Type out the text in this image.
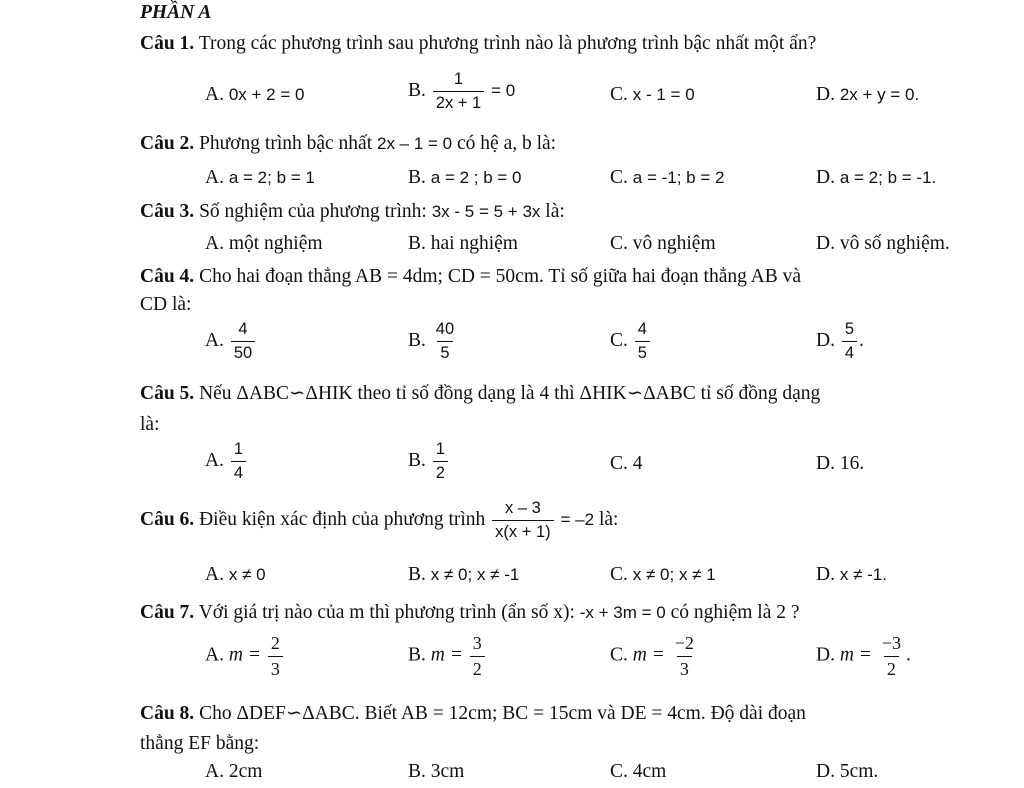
PHẦN A
Câu 1. Trong các phương trình sau phương trình nào là phương trình bậc nhất một ẩn?
A. 0x + 2 = 0	B. $\frac{1}{2x + 1} = 0$	C. x - 1 = 0	D. 2x + y = 0.
Câu 2. Phương trình bậc nhất 2x – 1 = 0 có hệ a, b là:
A. a = 2; b = 1	B. a = 2 ; b = 0	C. a = -1; b = 2	D. a = 2; b = -1.
Câu 3. Số nghiệm của phương trình: 3x - 5 = 5 + 3x là:
A. một nghiệm	B. hai nghiệm	C. vô nghiệm	D. vô số nghiệm.
Câu 4. Cho hai đoạn thẳng AB = 4dm; CD = 50cm. Tỉ số giữa hai đoạn thẳng AB và
CD là:
A. $\frac{4}{50}$	B. $\frac{40}{5}$	C. $\frac{4}{5}$	D. $\frac{5}{4}$ .
Câu 5. Nếu ΔABC∽ΔHIK theo tỉ số đồng dạng là 4 thì ΔHIK∽ΔABC tỉ số đồng dạng
là:
A. $\frac{1}{4}$	B. $\frac{1}{2}$	C. 4	D. 16.
Câu 6. Điều kiện xác định của phương trình $\frac{x - 3}{x(x + 1)} = -2$ là:
A. x ≠ 0	B. x ≠ 0; x ≠ -1	C. x ≠ 0; x ≠ 1	D. x ≠ -1.
Câu 7. Với giá trị nào của m thì phương trình (ẩn số x): -x + 3m = 0 có nghiệm là 2 ?
A. $m = \frac{2}{3}$	B. $m = \frac{3}{2}$	C. $m = \frac{-2}{3}$	D. $m = \frac{-3}{2}$ .
Câu 8. Cho ΔDEF∽ΔABC. Biết AB = 12cm; BC = 15cm và DE = 4cm. Độ dài đoạn
thẳng EF bằng:
A. 2cm	B. 3cm	C. 4cm	D. 5cm.
